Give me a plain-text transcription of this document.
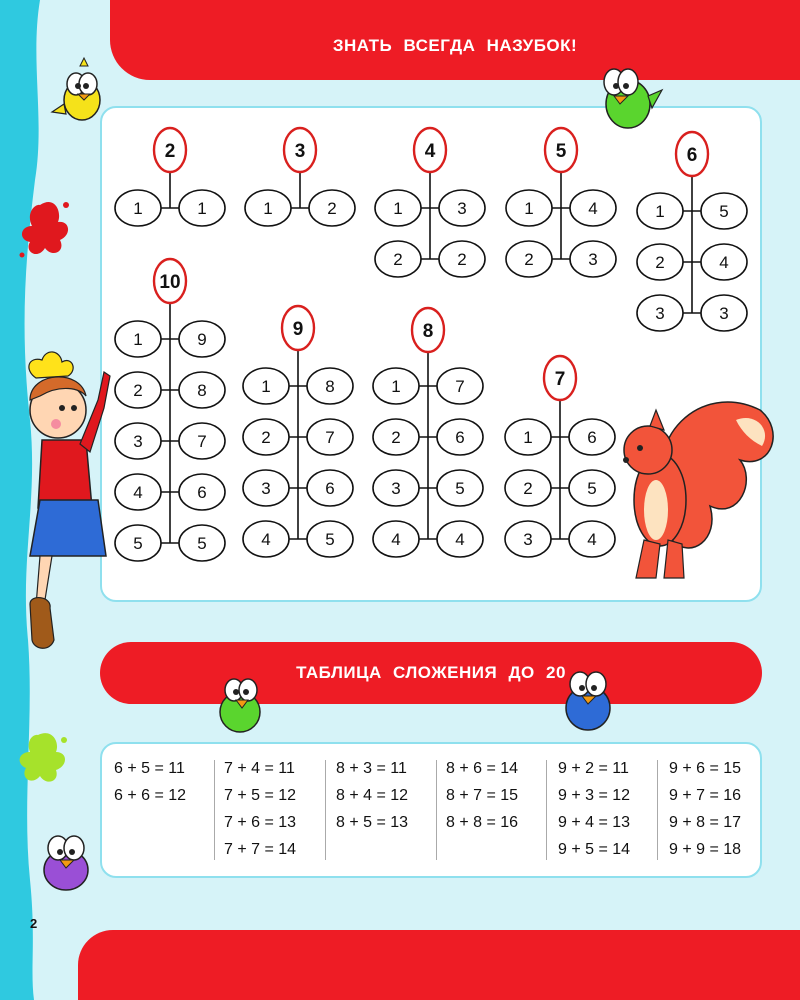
ЗНАТЬ ВСЕГДА НАЗУБОК!
2
1	1
3
1	2
4
1	3
2	2
5
1	4
2	3
6
1	5
2	4
3	3
10
1	9
2	8
3	7
4	6
5	5
9
1	8
2	7
3	6
4	5
8
1	7
2	6
3	5
4	4
7
1	6
2	5
3	4
ТАБЛИЦА СЛОЖЕНИЯ ДО 20
6 + 5 = 11
6 + 6 = 12
7 + 4 = 11
7 + 5 = 12
7 + 6 = 13
7 + 7 = 14
8 + 3 = 11
8 + 4 = 12
8 + 5 = 13
8 + 6 = 14
8 + 7 = 15
8 + 8 = 16
9 + 2 = 11
9 + 3 = 12
9 + 4 = 13
9 + 5 = 14
9 + 6 = 15
9 + 7 = 16
9 + 8 = 17
9 + 9 = 18
2
